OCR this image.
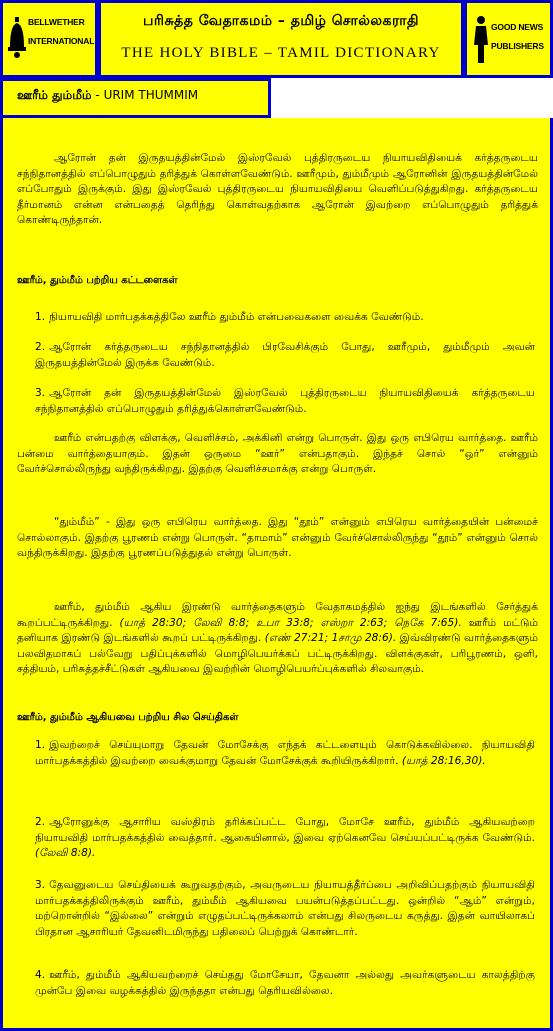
BELLWETHER INTERNATIONAL
பரிசுத்த வேதாகமம் – தமிழ் சொல்லகராதி
THE HOLY BIBLE – TAMIL DICTIONARY
GOOD NEWS PUBLISHERS
ஊரீம் தும்மீம் - URIM THUMMIM
ஆரோன் தன் இருதயத்தின்மேல் இஸ்ரவேல் புத்திரருடைய நியாயவிதியைக் கர்த்தருடைய சந்நிதானத்தில் எப்பொழுதும் தரித்துக் கொள்ளவேண்டும். ஊரீமும், தும்மீமும் ஆரோனின் இருதயத்தின்மேல் எப்போதும் இருக்கும். இது இஸ்ரவேல் புத்திரருடைய நியாயவிதியை வெளிப்படுத்துகிறது. கர்த்தருடைய தீர்மானம் என்ன என்பதைத் தெரிந்து கொள்வதற்காக ஆரோன் இவற்றை எப்பொழுதும் தரித்துக் கொண்டிருந்தான்.
ஊரீம், தும்மீம் பற்றிய கட்டளைகள்
1. நியாயவிதி மார்பதக்கத்திலே ஊரீம் தும்மீம் என்பவைகளை வைக்க வேண்டும்.
2. ஆரோன் கர்த்தருடைய சந்நிதானத்தில் பிரவேசிக்கும் போது, ஊரீமும், தும்மீமும் அவன் இருதயத்தின்மேல் இருக்க வேண்டும்.
3. ஆரோன் தன் இருதயத்தின்மேல் இஸ்ரவேல் புத்திரருடைய நியாயவிதியைக் கர்த்தருடைய சந்நிதானத்தில் எப்பொழுதும் தரித்துக்கொள்ளவேண்டும்.
ஊரீம் என்பதற்கு விளக்கு, வெளிச்சம், அக்கினி என்று பொருள். இது ஒரு எபிரெய வார்த்தை. ஊரீம் பன்மை வார்த்தையாகும். இதன் ஒருமை “ஊர்” என்பதாகும். இந்தச் சொல் “ஒர்” என்னும் வேர்ச்சொல்லிருந்து வந்திருக்கிறது. இதற்கு வெளிச்சமாக்கு என்று பொருள்.
“தும்மீம்” - இது ஒரு எபிரெய வார்த்தை. இது “தூம்” என்னும் எபிரெய வார்த்தையின் பன்மைச் சொல்லாகும். இதற்கு பூரணம் என்று பொருள். “தாமாம்” என்னும் வேர்ச்சொல்லிருந்து “தூம்” என்னும் சொல் வந்திருக்கிறது. இதற்கு பூரணப்படுத்துதல் என்று பொருள்.
ஊரீம், தும்மீம் ஆகிய இரண்டு வார்த்தைகளும் வேதாகமத்தில் ஐந்து இடங்களில் சேர்த்துக் கூறப்பட்டிருக்கிறது. (யாத் 28:30; லேவி 8:8; உபா 33:8; எஸ்றா 2:63; நெகே 7:65). ஊரீம் மட்டும் தனியாக இரண்டு இடங்களில் கூறப் பட்டிருக்கிறது. (எண் 27:21; 1சாமு 28:6). இவ்விரண்டு வார்த்தைகளும் பலவிதமாகப் பல்வேறு பதிப்புக்களில் மொழிபெயர்க்கப் பட்டிருக்கிறது. விளக்குகள், பரிபூரணம், ஒளி, சத்தியம், பரிசுத்தச்சீட்டுகள் ஆகியவை இவற்றின் மொழிபெயர்ப்புக்களில் சிலவாகும்.
ஊரீம், தும்மீம் ஆகியவை பற்றிய சில செய்திகள்
1. இவற்றைச் செய்யுமாறு தேவன் மோசேக்கு எந்தக் கட்டளையும் கொடுக்கவில்லை. நியாயவிதி மார்பதக்கத்தில் இவற்றை வைக்குமாறு தேவன் மோசேக்குக் கூறியிருக்கிறார். (யாத் 28:16,30).
2. ஆரோனுக்கு ஆசாரிய வஸ்திரம் தரிக்கப்பட்ட போது, மோசே ஊரீம், தும்மீம் ஆகியவற்றை நியாயவிதி மார்பதக்கத்தில் வைத்தார். ஆகையினால், இவை ஏற்கெனவே செய்யப்பட்டிருக்க வேண்டும். (லேவி 8:8).
3. தேவனுடைய செய்தியைக் கூறுவதற்கும், அவருடைய நியாயத்தீர்ப்பை அறிவிப்பதற்கும் நியாயவிதி மார்பதக்கத்திலிருக்கும் ஊரீம், தும்மீம் ஆகியவை பயன்படுத்தப்பட்டது. ஒன்றில் “ஆம்” என்றும், மற்றொன்றில் “இல்லை” என்றும் எழுதப்பட்டிருக்கலாம் என்பது சிலருடைய கருத்து. இதன் வாயிலாகப் பிரதான ஆசாரியர் தேவனிடமிருந்து பதிலைப் பெற்றுக் கொண்டார்.
4. ஊரீம், தும்மீம் ஆகியவற்றைச் செய்தது மோசேயா, தேவனா அல்லது அவர்களுடைய காலத்திற்கு முன்பே இவை வழக்கத்தில் இருந்ததா என்பது தெரியவில்லை.
